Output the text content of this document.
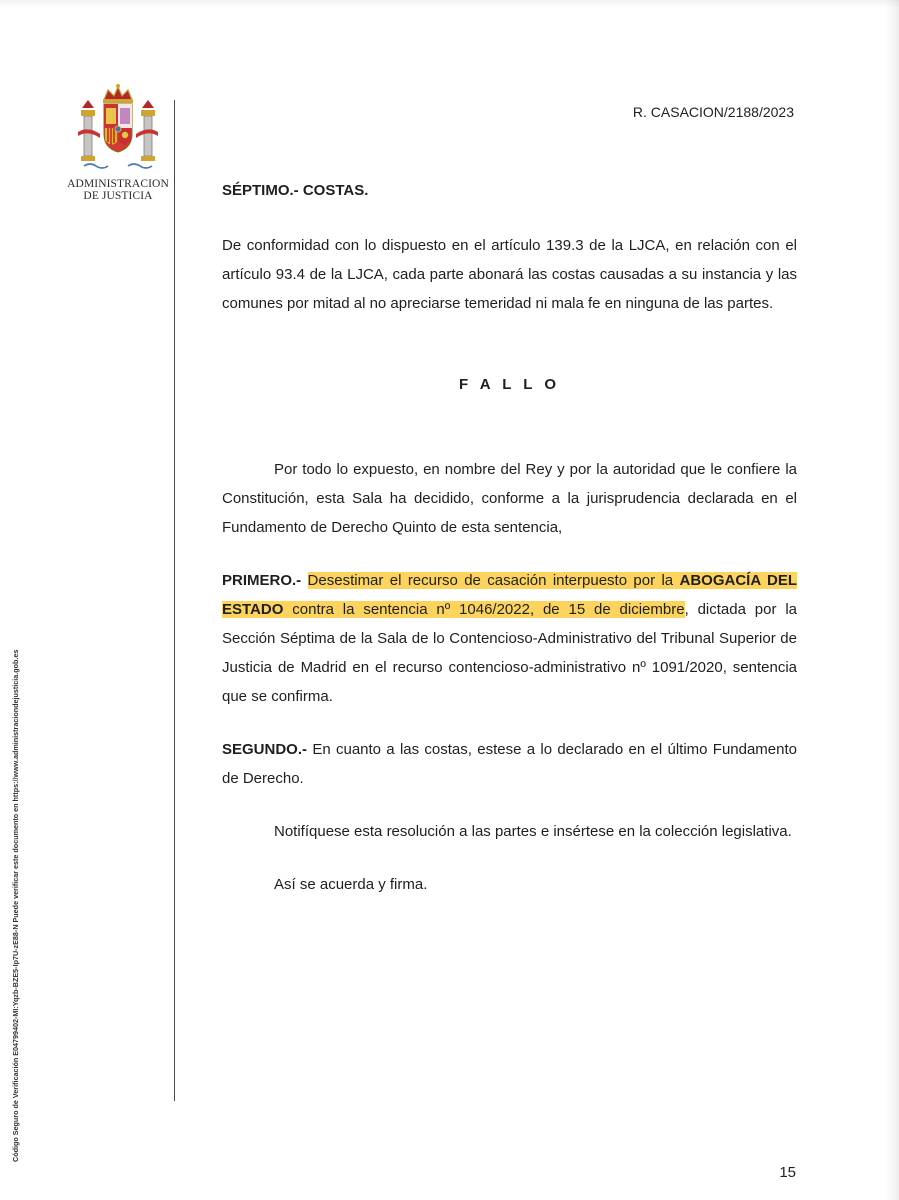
ADMINISTRACION
DE JUSTICIA
Código Seguro de Verificación E04799402-MI:Yqzb-BZE5-Ip7U-zE88-N Puede verificar este documento en https://www.administraciondejusticia.gob.es
R. CASACION/2188/2023

SÉPTIMO.- COSTAS.

De conformidad con lo dispuesto en el artículo 139.3 de la LJCA, en relación con el artículo 93.4 de la LJCA, cada parte abonará las costas causadas a su instancia y las comunes por mitad al no apreciarse temeridad ni mala fe en ninguna de las partes.

F A L L O

Por todo lo expuesto, en nombre del Rey y por la autoridad que le confiere la Constitución, esta Sala ha decidido, conforme a la jurisprudencia declarada en el Fundamento de Derecho Quinto de esta sentencia,

PRIMERO.- Desestimar el recurso de casación interpuesto por la ABOGACÍA DEL ESTADO contra la sentencia nº 1046/2022, de 15 de diciembre, dictada por la Sección Séptima de la Sala de lo Contencioso-Administrativo del Tribunal Superior de Justicia de Madrid en el recurso contencioso-administrativo nº 1091/2020, sentencia que se confirma.

SEGUNDO.- En cuanto a las costas, estese a lo declarado en el último Fundamento de Derecho.

Notifíquese esta resolución a las partes e insértese en la colección legislativa.

Así se acuerda y firma.

15
